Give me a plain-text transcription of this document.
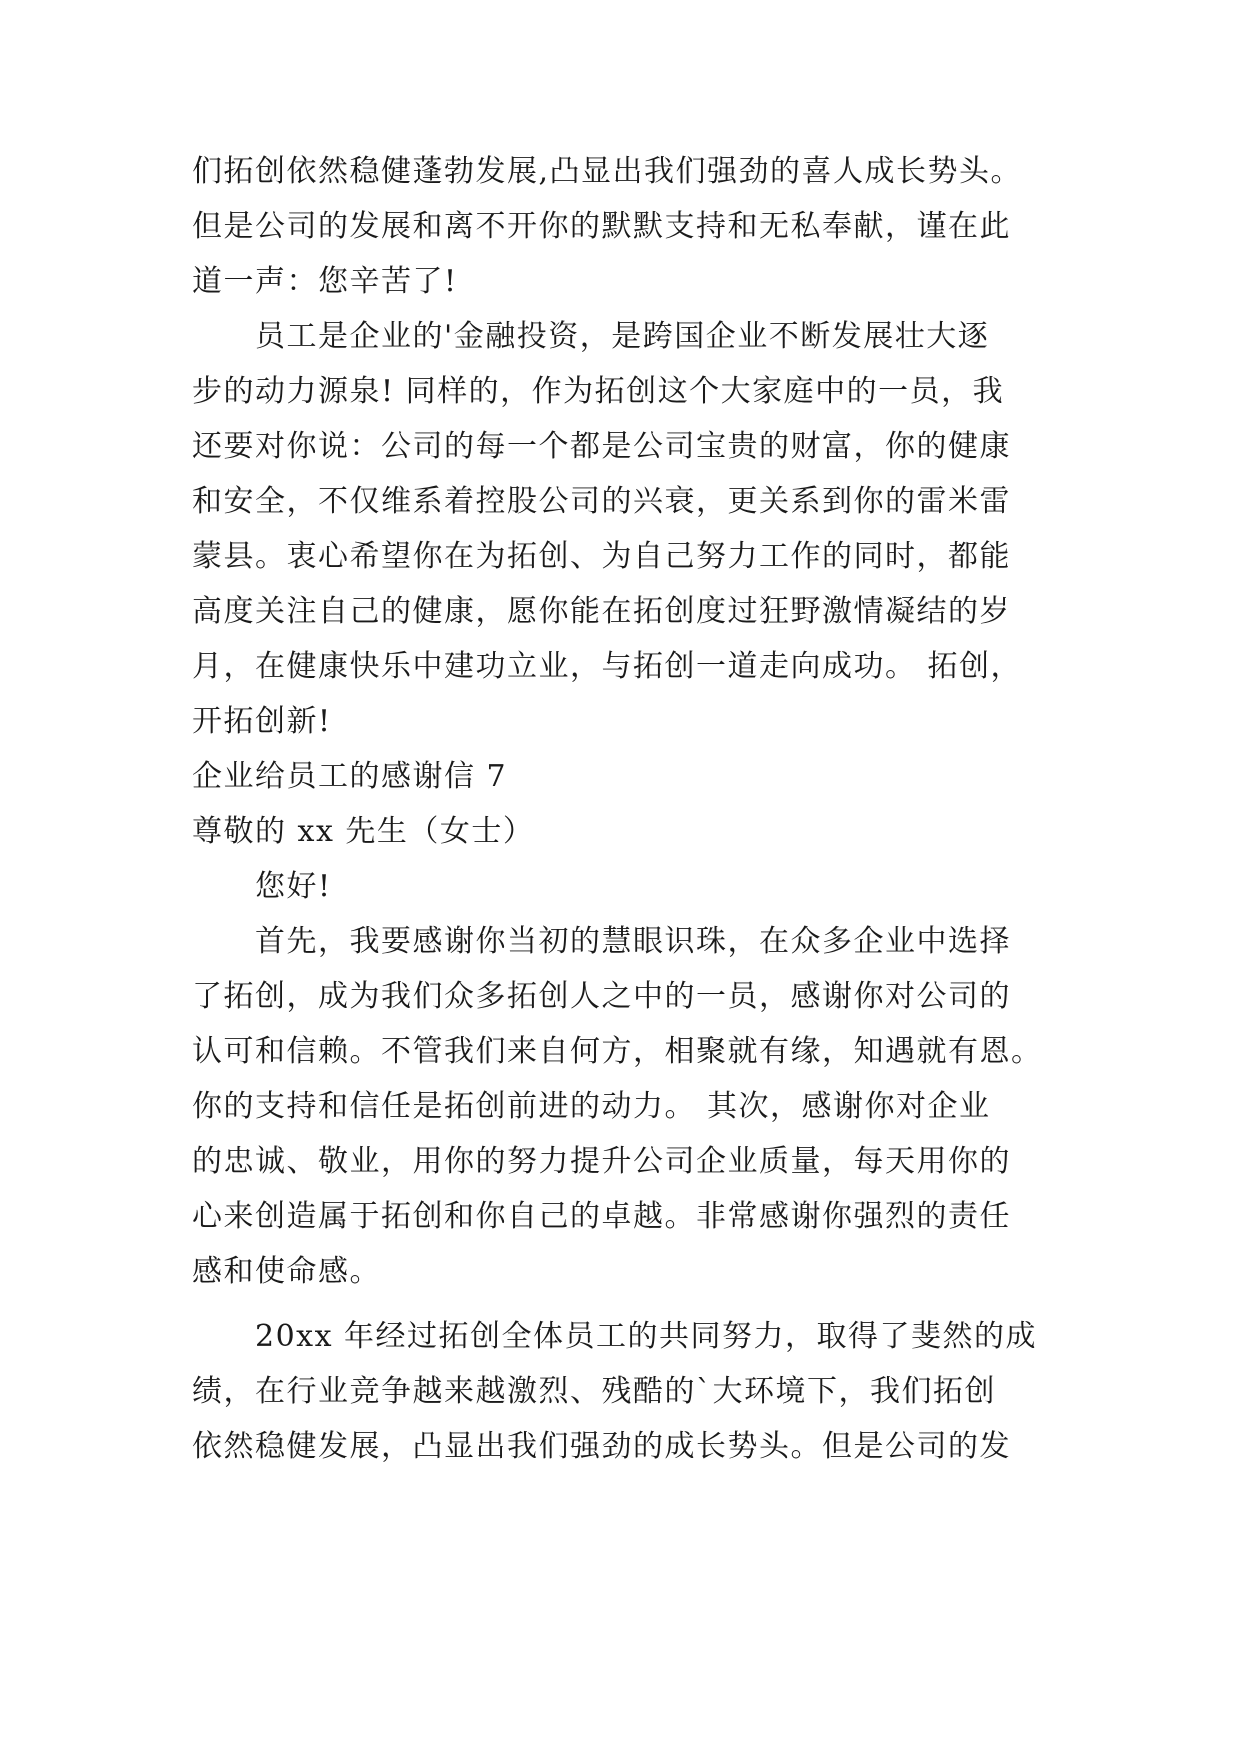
们拓创依然稳健蓬勃发展,凸显出我们强劲的喜人成长势头。
但是公司的发展和离不开你的默默支持和无私奉献，谨在此
道一声：您辛苦了!
员工是企业的'金融投资，是跨国企业不断发展壮大逐
步的动力源泉! 同样的，作为拓创这个大家庭中的一员，我
还要对你说：公司的每一个都是公司宝贵的财富，你的健康
和安全，不仅维系着控股公司的兴衰，更关系到你的雷米雷
蒙县。衷心希望你在为拓创、为自己努力工作的同时，都能
高度关注自己的健康，愿你能在拓创度过狂野激情凝结的岁
月，在健康快乐中建功立业，与拓创一道走向成功。 拓创，
开拓创新!
企业给员工的感谢信 7
尊敬的 xx 先生（女士）
您好!
首先，我要感谢你当初的慧眼识珠，在众多企业中选择
了拓创，成为我们众多拓创人之中的一员，感谢你对公司的
认可和信赖。不管我们来自何方，相聚就有缘，知遇就有恩。
你的支持和信任是拓创前进的动力。 其次，感谢你对企业
的忠诚、敬业，用你的努力提升公司企业质量，每天用你的
心来创造属于拓创和你自己的卓越。非常感谢你强烈的责任
感和使命感。
20xx 年经过拓创全体员工的共同努力，取得了斐然的成
绩，在行业竞争越来越激烈、残酷的`大环境下，我们拓创
依然稳健发展，凸显出我们强劲的成长势头。但是公司的发
